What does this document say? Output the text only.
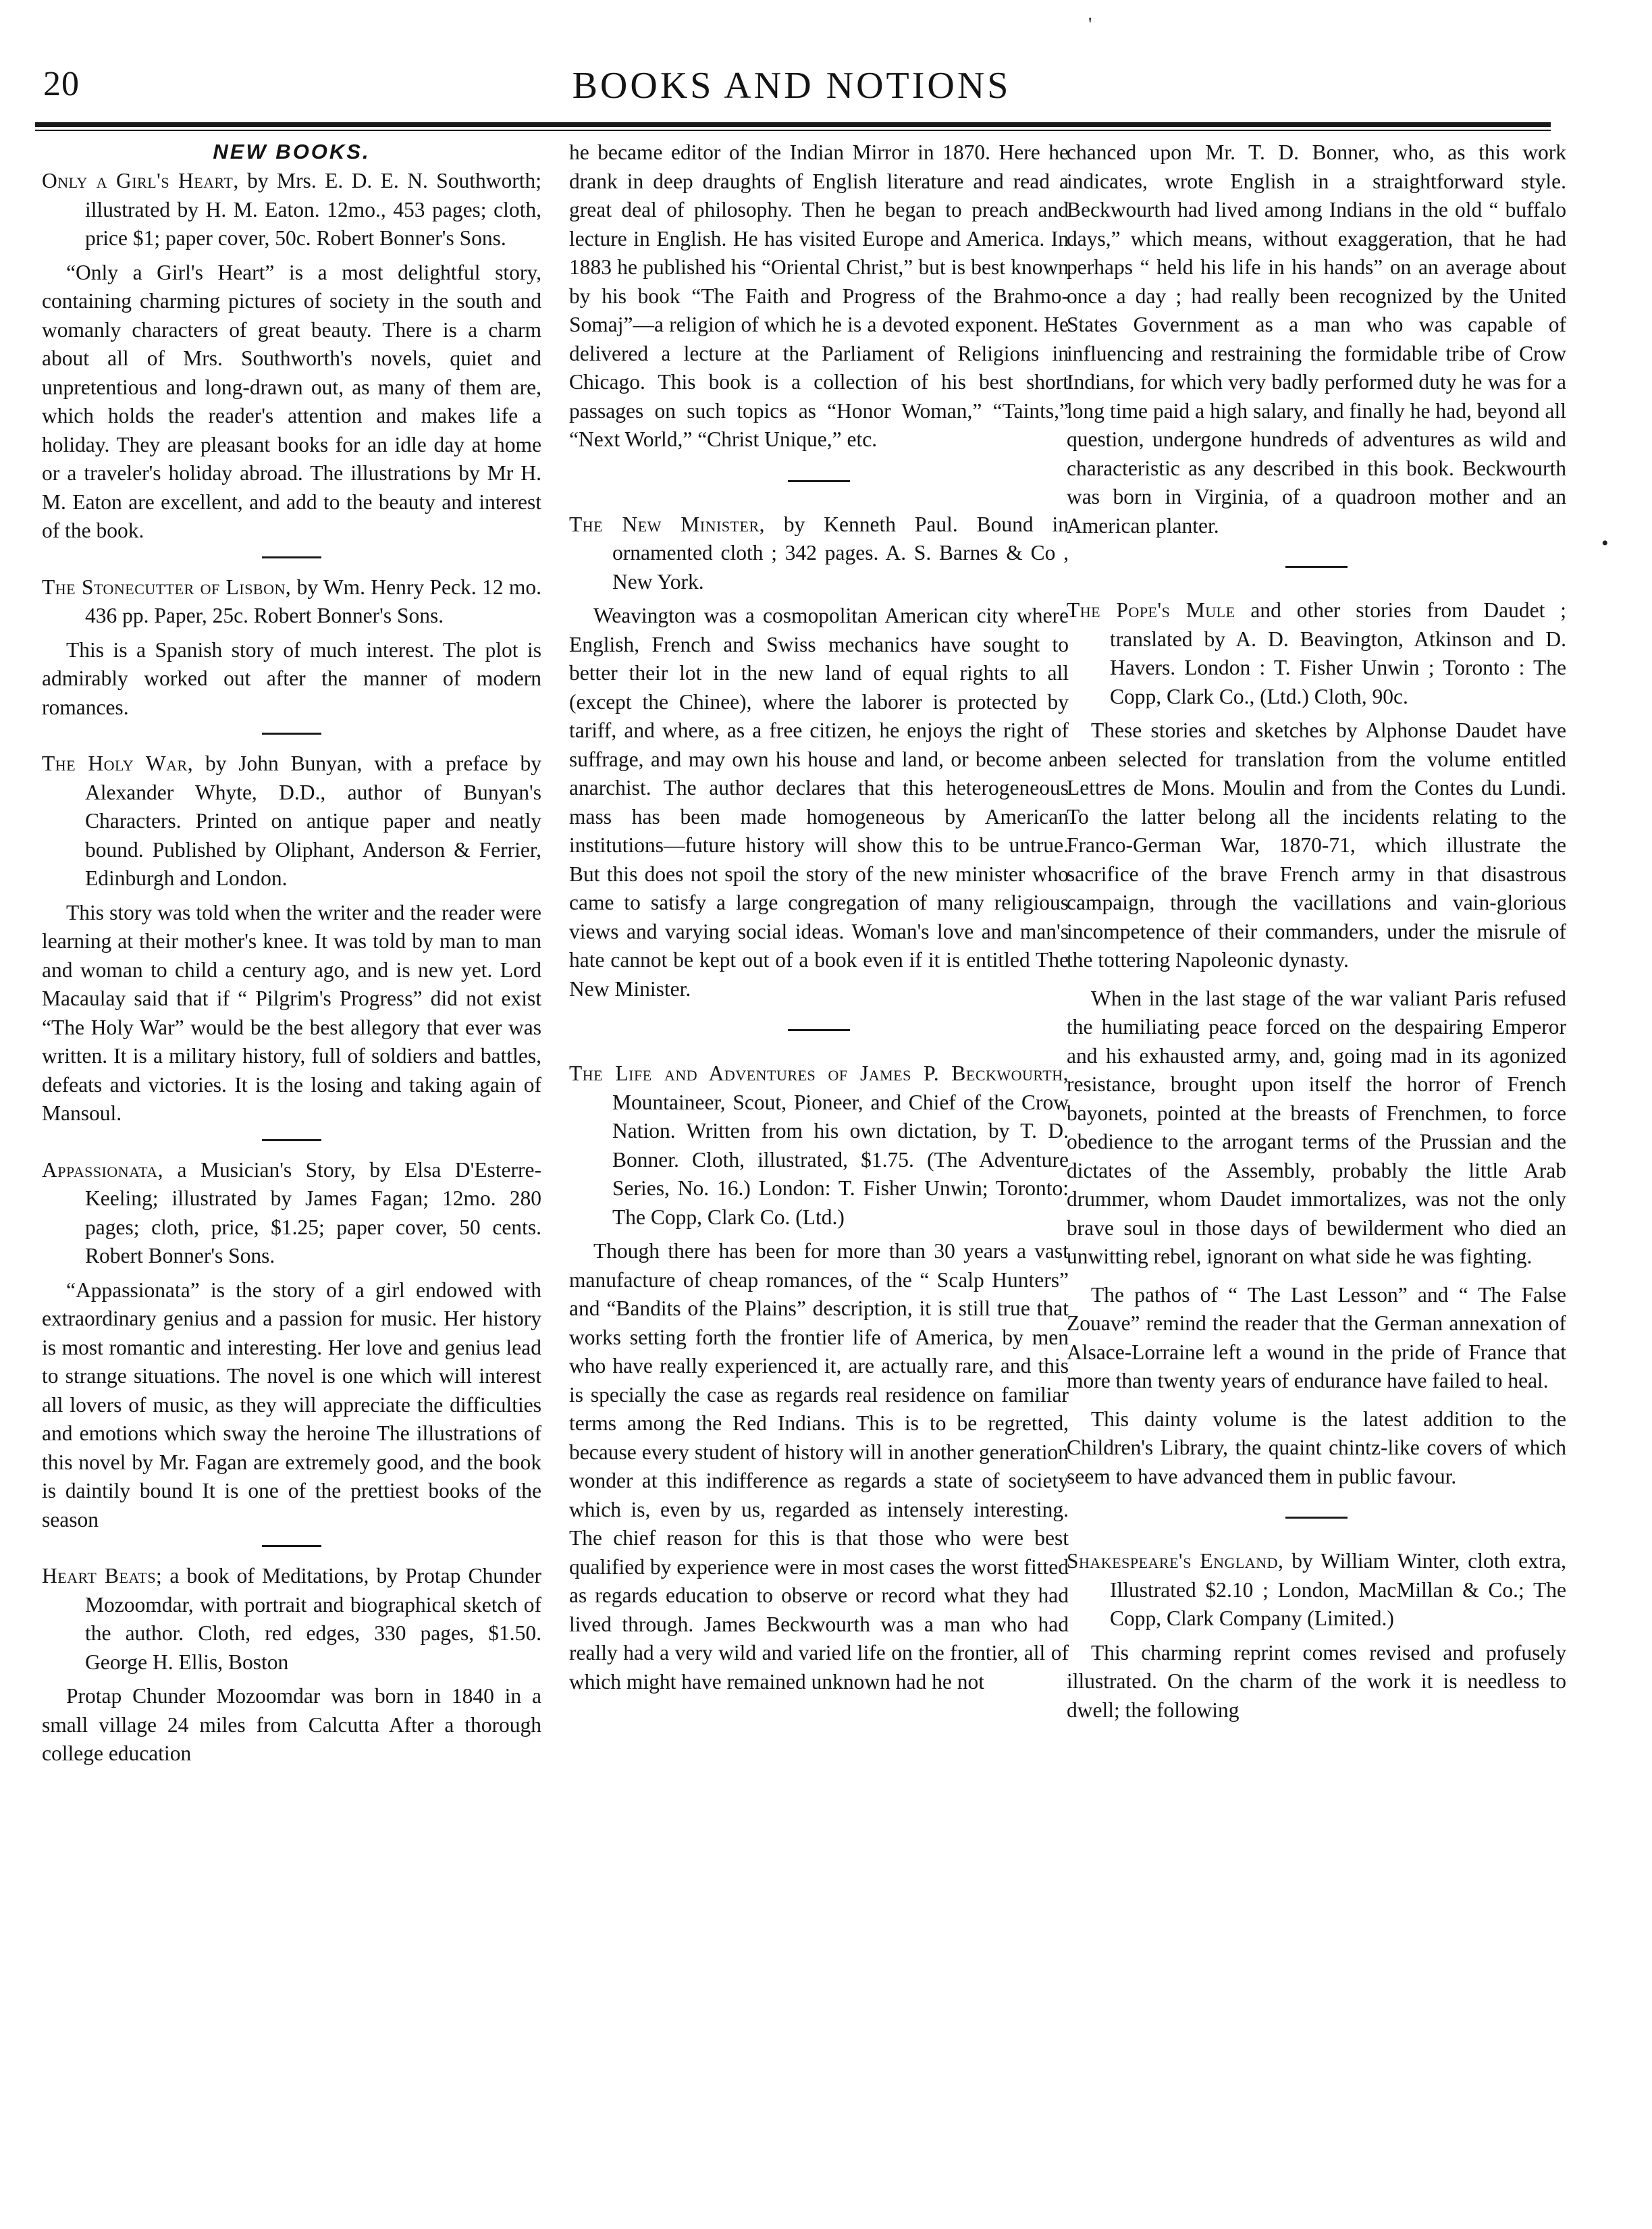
'
•
20	BOOKS AND NOTIONS
NEW BOOKS.

Only a Girl's Heart, by Mrs. E. D. E. N. Southworth; illustrated by H. M. Eaton. 12mo., 453 pages; cloth, price $1; paper cover, 50c. Robert Bonner's Sons.

“Only a Girl's Heart” is a most delightful story, containing charming pictures of society in the south and womanly characters of great beauty. There is a charm about all of Mrs. Southworth's novels, quiet and unpretentious and long-drawn out, as many of them are, which holds the reader's attention and makes life a holiday. They are pleasant books for an idle day at home or a traveler's holiday abroad. The illustrations by Mr H. M. Eaton are excellent, and add to the beauty and interest of the book.

The Stonecutter of Lisbon, by Wm. Henry Peck. 12 mo. 436 pp. Paper, 25c. Robert Bonner's Sons.

This is a Spanish story of much interest. The plot is admirably worked out after the manner of modern romances.

The Holy War, by John Bunyan, with a preface by Alexander Whyte, D.D., author of Bunyan's Characters. Printed on antique paper and neatly bound. Published by Oliphant, Anderson & Ferrier, Edinburgh and London.

This story was told when the writer and the reader were learning at their mother's knee. It was told by man to man and woman to child a century ago, and is new yet. Lord Macaulay said that if “ Pilgrim's Progress” did not exist “The Holy War” would be the best allegory that ever was written. It is a military history, full of soldiers and battles, defeats and victories. It is the losing and taking again of Mansoul.

Appassionata, a Musician's Story, by Elsa D'Esterre-Keeling; illustrated by James Fagan; 12mo. 280 pages; cloth, price, $1.25; paper cover, 50 cents. Robert Bonner's Sons.

“Appassionata” is the story of a girl endowed with extraordinary genius and a passion for music. Her history is most romantic and interesting. Her love and genius lead to strange situations. The novel is one which will interest all lovers of music, as they will appreciate the difficulties and emotions which sway the heroine The illustrations of this novel by Mr. Fagan are extremely good, and the book is daintily bound It is one of the prettiest books of the season

Heart Beats; a book of Meditations, by Protap Chunder Mozoomdar, with portrait and biographical sketch of the author. Cloth, red edges, 330 pages, $1.50. George H. Ellis, Boston

Protap Chunder Mozoomdar was born in 1840 in a small village 24 miles from Calcutta After a thorough college education

he became editor of the Indian Mirror in 1870. Here he drank in deep draughts of English literature and read a great deal of philosophy. Then he began to preach and lecture in English. He has visited Europe and America. In 1883 he published his “Oriental Christ,” but is best known by his book “The Faith and Progress of the Brahmo-Somaj”—a religion of which he is a devoted exponent. He delivered a lecture at the Parliament of Religions in Chicago. This book is a collection of his best short passages on such topics as “Honor Woman,” “Taints,” “Next World,” “Christ Unique,” etc.

The New Minister, by Kenneth Paul. Bound in ornamented cloth ; 342 pages. A. S. Barnes & Co , New York.

Weavington was a cosmopolitan American city where English, French and Swiss mechanics have sought to better their lot in the new land of equal rights to all (except the Chinee), where the laborer is protected by tariff, and where, as a free citizen, he enjoys the right of suffrage, and may own his house and land, or become an anarchist. The author declares that this heterogeneous mass has been made homogeneous by American institutions—future history will show this to be untrue. But this does not spoil the story of the new minister who came to satisfy a large congregation of many religious views and varying social ideas. Woman's love and man's hate cannot be kept out of a book even if it is entitled The New Minister.

The Life and Adventures of James P. Beckwourth, Mountaineer, Scout, Pioneer, and Chief of the Crow Nation. Written from his own dictation, by T. D. Bonner. Cloth, illustrated, $1.75. (The Adventure Series, No. 16.) London: T. Fisher Unwin; Toronto: The Copp, Clark Co. (Ltd.)

Though there has been for more than 30 years a vast manufacture of cheap romances, of the “ Scalp Hunters” and “Bandits of the Plains” description, it is still true that works setting forth the frontier life of America, by men who have really experienced it, are actually rare, and this is specially the case as regards real residence on familiar terms among the Red Indians. This is to be regretted, because every student of history will in another generation wonder at this indifference as regards a state of society which is, even by us, regarded as intensely interesting. The chief reason for this is that those who were best qualified by experience were in most cases the worst fitted as regards education to observe or record what they had lived through. James Beckwourth was a man who had really had a very wild and varied life on the frontier, all of which might have remained unknown had he not

chanced upon Mr. T. D. Bonner, who, as this work indicates, wrote English in a straightforward style. Beckwourth had lived among Indians in the old “ buffalo days,” which means, without exaggeration, that he had perhaps “ held his life in his hands” on an average about once a day ; had really been recognized by the United States Government as a man who was capable of influencing and restraining the formidable tribe of Crow Indians, for which very badly performed duty he was for a long time paid a high salary, and finally he had, beyond all question, undergone hundreds of adventures as wild and characteristic as any described in this book. Beckwourth was born in Virginia, of a quadroon mother and an American planter.

The Pope's Mule and other stories from Daudet ; translated by A. D. Beavington, Atkinson and D. Havers. London : T. Fisher Unwin ; Toronto : The Copp, Clark Co., (Ltd.) Cloth, 90c.

These stories and sketches by Alphonse Daudet have been selected for translation from the volume entitled Lettres de Mons. Moulin and from the Contes du Lundi. To the latter belong all the incidents relating to the Franco-German War, 1870-71, which illustrate the sacrifice of the brave French army in that disastrous campaign, through the vacillations and vain-glorious incompetence of their commanders, under the misrule of the tottering Napoleonic dynasty.

When in the last stage of the war valiant Paris refused the humiliating peace forced on the despairing Emperor and his exhausted army, and, going mad in its agonized resistance, brought upon itself the horror of French bayonets, pointed at the breasts of Frenchmen, to force obedience to the arrogant terms of the Prussian and the dictates of the Assembly, probably the little Arab drummer, whom Daudet immortalizes, was not the only brave soul in those days of bewilderment who died an unwitting rebel, ignorant on what side he was fighting.

The pathos of “ The Last Lesson” and “ The False Zouave” remind the reader that the German annexation of Alsace-Lorraine left a wound in the pride of France that more than twenty years of endurance have failed to heal.

This dainty volume is the latest addition to the Children's Library, the quaint chintz-like covers of which seem to have advanced them in public favour.

Shakespeare's England, by William Winter, cloth extra, Illustrated $2.10 ; London, MacMillan & Co.; The Copp, Clark Company (Limited.)

This charming reprint comes revised and profusely illustrated. On the charm of the work it is needless to dwell; the following
